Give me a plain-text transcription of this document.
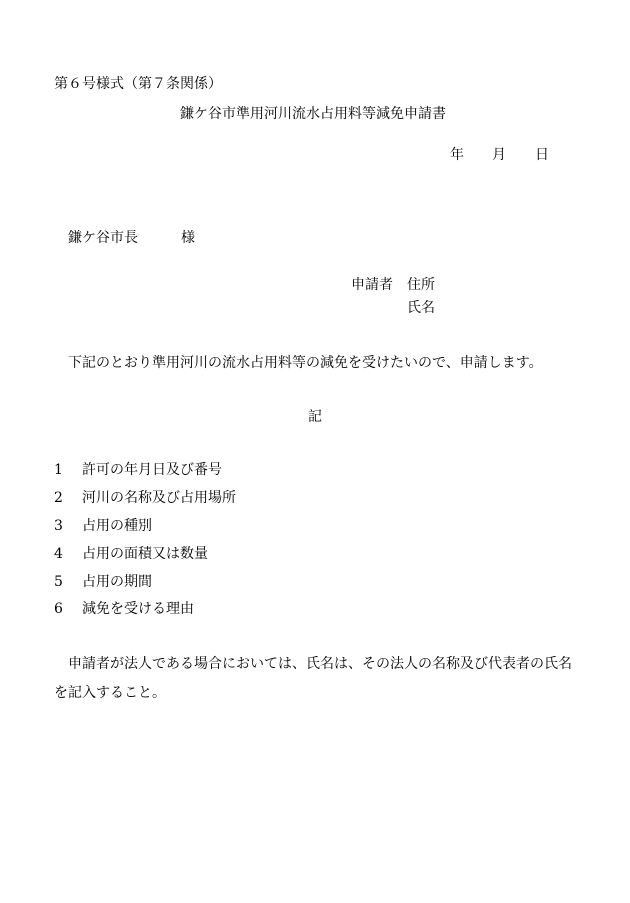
第６号様式（第７条関係）
鎌ケ谷市準用河川流水占用料等減免申請書
年 月 日
鎌ケ谷市長	様
申請者 住所
氏名
下記のとおり準用河川の流水占用料等の減免を受けたいので、申請します。
記
1 許可の年月日及び番号
2 河川の名称及び占用場所
3 占用の種別
4 占用の面積又は数量
5 占用の期間
6 減免を受ける理由
申請者が法人である場合においては、氏名は、その法人の名称及び代表者の氏名
を記入すること。
